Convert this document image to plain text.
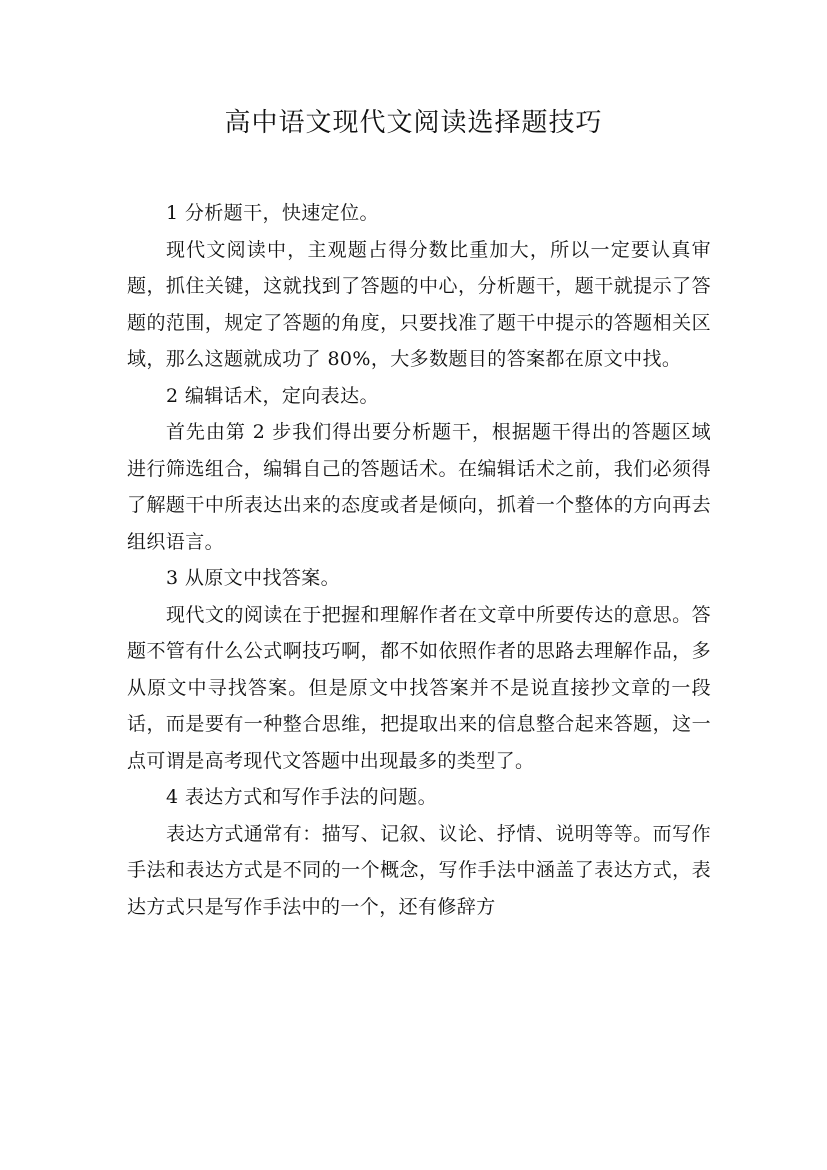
高中语文现代文阅读选择题技巧

1 分析题干，快速定位。

现代文阅读中，主观题占得分数比重加大，所以一定要认真审题，抓住关键，这就找到了答题的中心，分析题干，题干就提示了答题的范围，规定了答题的角度，只要找准了题干中提示的答题相关区域，那么这题就成功了 80%，大多数题目的答案都在原文中找。

2 编辑话术，定向表达。

首先由第 2 步我们得出要分析题干，根据题干得出的答题区域进行筛选组合，编辑自己的答题话术。在编辑话术之前，我们必须得了解题干中所表达出来的态度或者是倾向，抓着一个整体的方向再去组织语言。

3 从原文中找答案。

现代文的阅读在于把握和理解作者在文章中所要传达的意思。答题不管有什么公式啊技巧啊，都不如依照作者的思路去理解作品，多从原文中寻找答案。但是原文中找答案并不是说直接抄文章的一段话，而是要有一种整合思维，把提取出来的信息整合起来答题，这一点可谓是高考现代文答题中出现最多的类型了。

4 表达方式和写作手法的问题。

表达方式通常有：描写、记叙、议论、抒情、说明等等。而写作手法和表达方式是不同的一个概念，写作手法中涵盖了表达方式，表达方式只是写作手法中的一个，还有修辞方
